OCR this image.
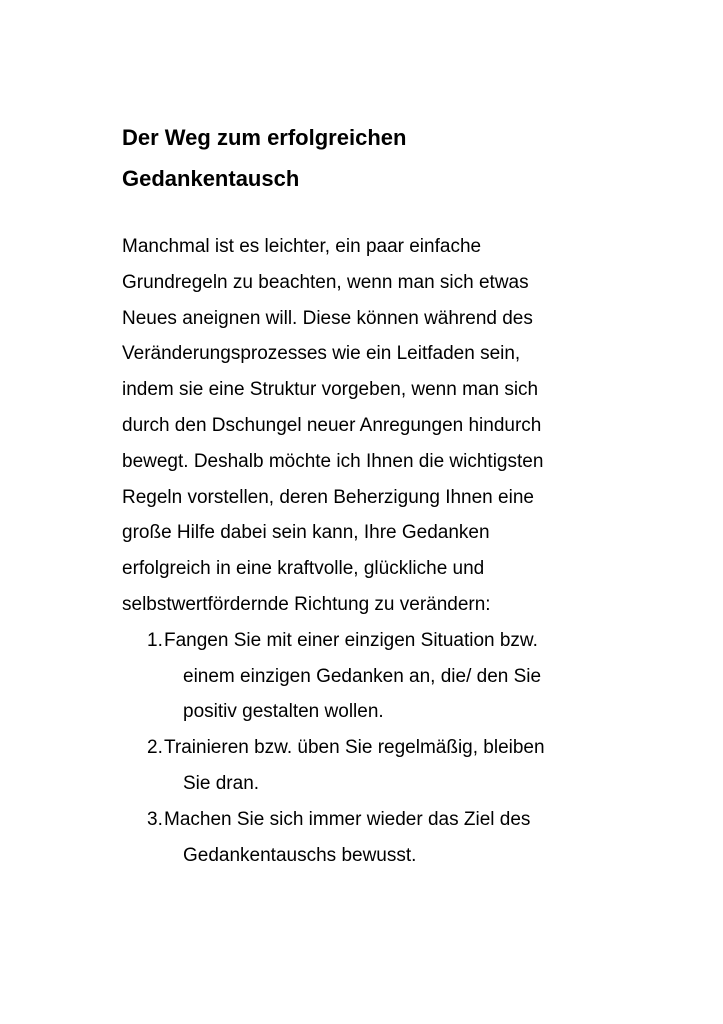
Der Weg zum erfolgreichen
Gedankentausch
Manchmal ist es leichter, ein paar einfache
Grundregeln zu beachten, wenn man sich etwas
Neues aneignen will. Diese können während des
Veränderungsprozesses wie ein Leitfaden sein,
indem sie eine Struktur vorgeben, wenn man sich
durch den Dschungel neuer Anregungen hindurch
bewegt. Deshalb möchte ich Ihnen die wichtigsten
Regeln vorstellen, deren Beherzigung Ihnen eine
große Hilfe dabei sein kann, Ihre Gedanken
erfolgreich in eine kraftvolle, glückliche und
selbstwertfördernde Richtung zu verändern:
1. Fangen Sie mit einer einzigen Situation bzw.
einem einzigen Gedanken an, die/ den Sie
positiv gestalten wollen.
2. Trainieren bzw. üben Sie regelmäßig, bleiben
Sie dran.
3. Machen Sie sich immer wieder das Ziel des
Gedankentauschs bewusst.
